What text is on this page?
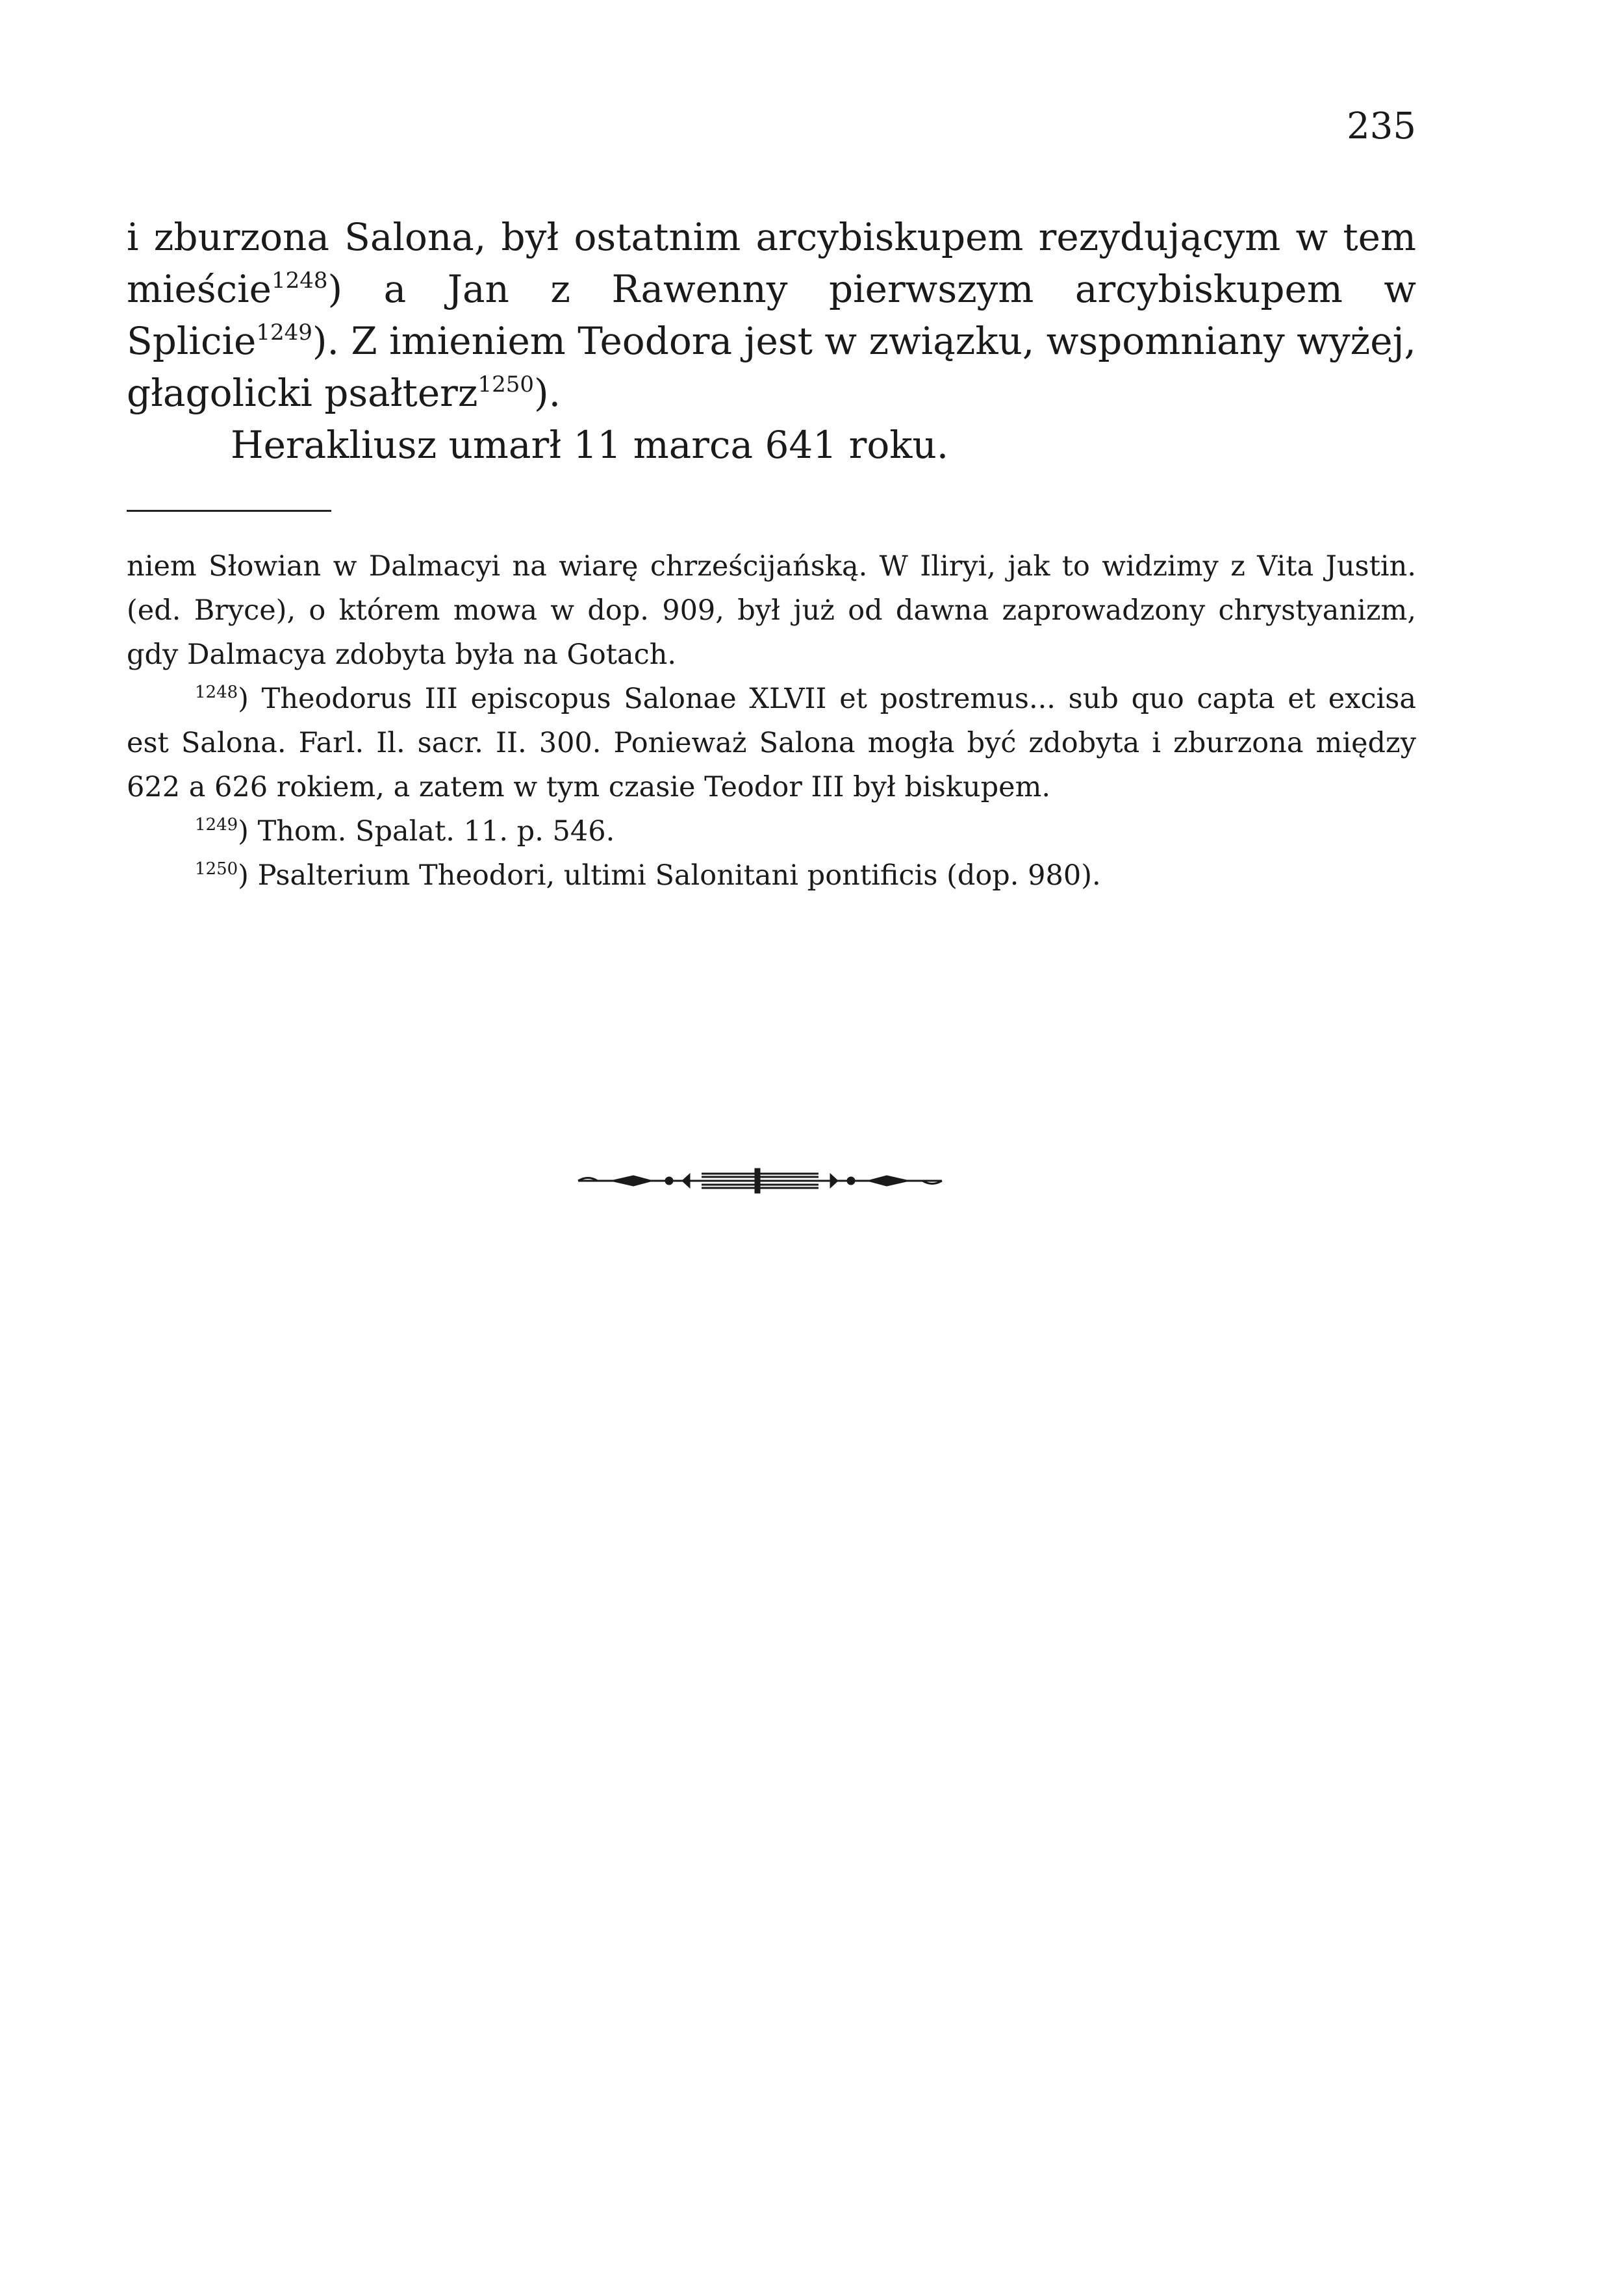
235

i zburzona Salona, był ostatnim arcybiskupem rezydującym w tem mieście$^{1248}$) a Jan z Rawenny pierwszym arcybiskupem w Splicie$^{1249}$). Z imieniem Teodora jest w związku, wspomniany wyżej, głagolicki psałterz$^{1250}$).

Herakliusz umarł 11 marca 641 roku.

niem Słowian w Dalmacyi na wiarę chrześcijańską. W Iliryi, jak to widzimy z Vita Justin. (ed. Bryce), o którem mowa w dop. 909, był już od dawna zaprowadzony chrystyanizm, gdy Dalmacya zdobyta była na Gotach.

$^{1248}$) Theodorus III episcopus Salonae XLVII et postremus... sub quo capta et excisa est Salona. Farl. Il. sacr. II. 300. Ponieważ Salona mogła być zdobyta i zburzona między 622 a 626 rokiem, a zatem w tym czasie Teodor III był biskupem.

$^{1249}$) Thom. Spalat. 11. p. 546.

$^{1250}$) Psalterium Theodori, ultimi Salonitani pontificis (dop. 980).
